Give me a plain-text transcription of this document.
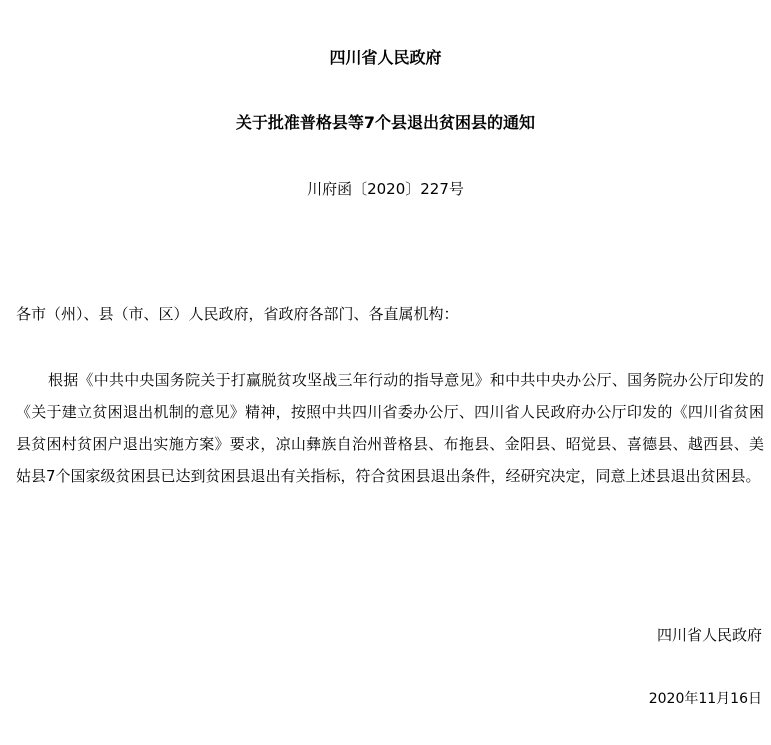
四川省人民政府
关于批准普格县等7个县退出贫困县的通知
川府函〔2020〕227号
各市（州）、县（市、区）人民政府，省政府各部门、各直属机构：

根据《中共中央国务院关于打赢脱贫攻坚战三年行动的指导意见》和中共中央办公厅、国务院办公厅印发的《关于建立贫困退出机制的意见》精神，按照中共四川省委办公厅、四川省人民政府办公厅印发的《四川省贫困县贫困村贫困户退出实施方案》要求，凉山彝族自治州普格县、布拖县、金阳县、昭觉县、喜德县、越西县、美姑县7个国家级贫困县已达到贫困县退出有关指标，符合贫困县退出条件，经研究决定，同意上述县退出贫困县。

四川省人民政府
2020年11月16日
